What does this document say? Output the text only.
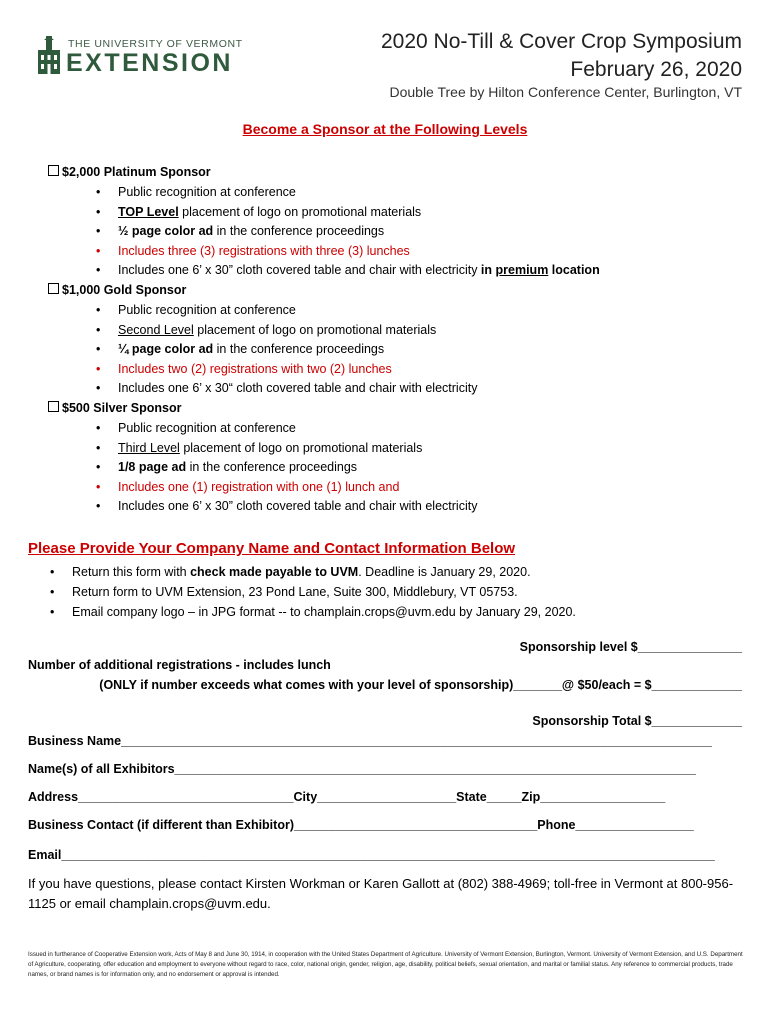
THE UNIVERSITY OF VERMONT
EXTENSION
2020 No-Till & Cover Crop Symposium
February 26, 2020
Double Tree by Hilton Conference Center, Burlington, VT
Become a Sponsor at the Following Levels
$2,000 Platinum Sponsor
• Public recognition at conference
• TOP Level placement of logo on promotional materials
• ½ page color ad in the conference proceedings
• Includes three (3) registrations with three (3) lunches
• Includes one 6’ x 30” cloth covered table and chair with electricity in premium location
$1,000 Gold Sponsor
• Public recognition at conference
• Second Level placement of logo on promotional materials
• ¼ page color ad in the conference proceedings
• Includes two (2) registrations with two (2) lunches
• Includes one 6’ x 30“ cloth covered table and chair with electricity
$500 Silver Sponsor
• Public recognition at conference
• Third Level placement of logo on promotional materials
• 1/8 page ad in the conference proceedings
• Includes one (1) registration with one (1) lunch and
• Includes one 6’ x 30” cloth covered table and chair with electricity
Please Provide Your Company Name and Contact Information Below
• Return this form with check made payable to UVM. Deadline is January 29, 2020.
• Return form to UVM Extension, 23 Pond Lane, Suite 300, Middlebury, VT 05753.
• Email company logo – in JPG format -- to champlain.crops@uvm.edu by January 29, 2020.
Sponsorship level $_______________
Number of additional registrations - includes lunch
(ONLY if number exceeds what comes with your level of sponsorship)_______@ $50/each = $_____________
Sponsorship Total $_____________
Business Name_____________________________________________________________________________________
Name(s) of all Exhibitors___________________________________________________________________________
Address_______________________________City____________________State_____Zip__________________
Business Contact (if different than Exhibitor)___________________________________Phone_________________
Email______________________________________________________________________________________________
If you have questions, please contact Kirsten Workman or Karen Gallott at (802) 388-4969; toll-free in Vermont at 800-956-1125 or email champlain.crops@uvm.edu.
Issued in furtherance of Cooperative Extension work, Acts of May 8 and June 30, 1914, in cooperation with the United States Department of Agriculture. University of Vermont Extension, Burlington, Vermont. University of Vermont Extension, and U.S. Department of Agriculture, cooperating, offer education and employment to everyone without regard to race, color, national origin, gender, religion, age, disability, political beliefs, sexual orientation, and marital or familial status. Any reference to commercial products, trade names, or brand names is for information only, and no endorsement or approval is intended.
